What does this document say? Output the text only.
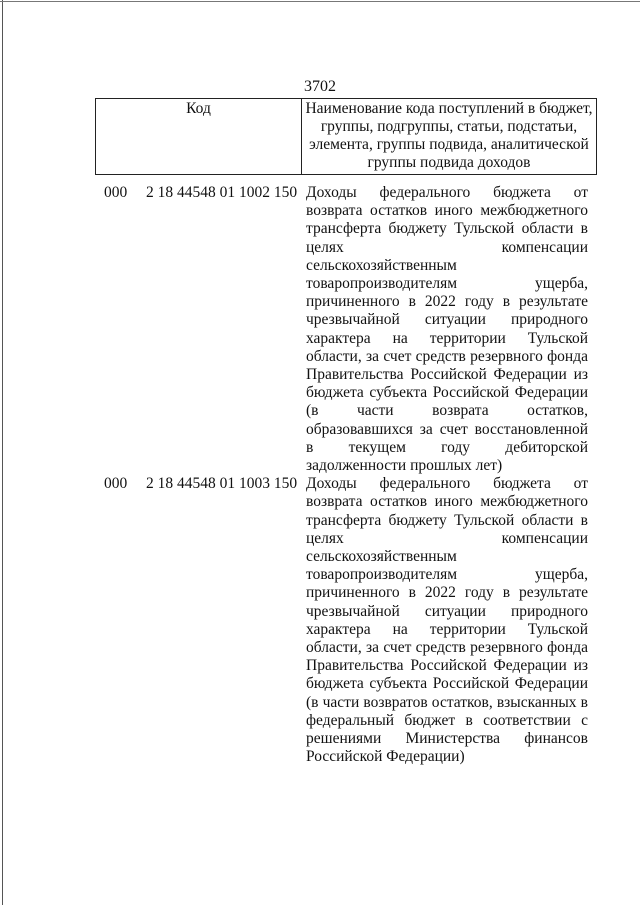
3702
Код	Наименование кода поступлений в бюджет, группы, подгруппы, статьи, подстатьи, элемента, группы подвида, аналитической группы подвида доходов
000 2 18 44548 01 1002 150 Доходы федерального бюджета от возврата остатков иного межбюджетного трансферта бюджету Тульской области в целях компенсации сельскохозяйственным товаропроизводителям ущерба, причиненного в 2022 году в результате чрезвычайной ситуации природного характера на территории Тульской области, за счет средств резервного фонда Правительства Российской Федерации из бюджета субъекта Российской Федерации (в части возврата остатков, образовавшихся за счет восстановленной в текущем году дебиторской задолженности прошлых лет)
000 2 18 44548 01 1003 150 Доходы федерального бюджета от возврата остатков иного межбюджетного трансферта бюджету Тульской области в целях компенсации сельскохозяйственным товаропроизводителям ущерба, причиненного в 2022 году в результате чрезвычайной ситуации природного характера на территории Тульской области, за счет средств резервного фонда Правительства Российской Федерации из бюджета субъекта Российской Федерации (в части возвратов остатков, взысканных в федеральный бюджет в соответствии с решениями Министерства финансов Российской Федерации)
